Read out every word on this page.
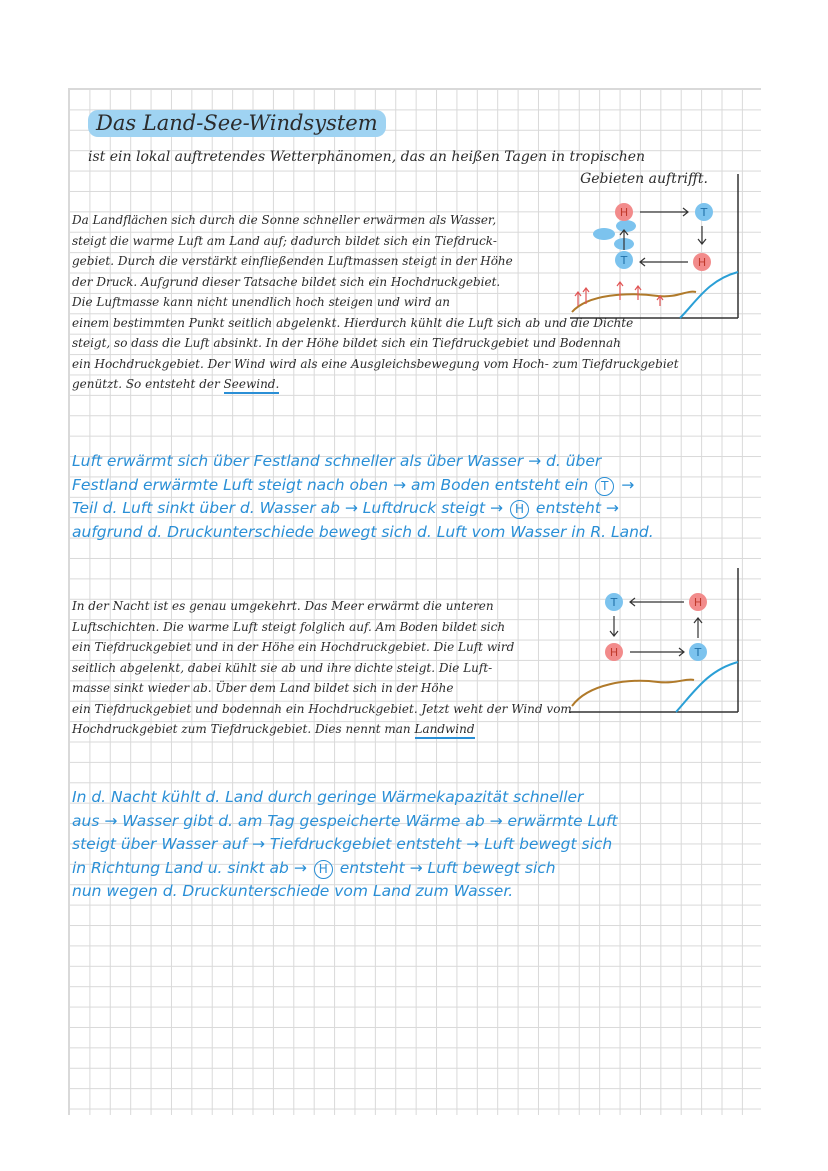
Das Land-See-Windsystem
ist ein lokal auftretendes Wetterphänomen, das an heißen Tagen in tropischen
Gebieten auftrifft.
Da Landflächen sich durch die Sonne schneller erwärmen als Wasser,
steigt die warme Luft am Land auf; dadurch bildet sich ein Tiefdruck-
gebiet. Durch die verstärkt einfließenden Luftmassen steigt in der Höhe
der Druck. Aufgrund dieser Tatsache bildet sich ein Hochdruckgebiet.
Die Luftmasse kann nicht unendlich hoch steigen und wird an
einem bestimmten Punkt seitlich abgelenkt. Hierdurch kühlt die Luft sich ab und die Dichte
steigt, so dass die Luft absinkt. In der Höhe bildet sich ein Tiefdruckgebiet und Bodennah
ein Hochdruckgebiet. Der Wind wird als eine Ausgleichsbewegung vom Hoch- zum Tiefdruckgebiet
genützt. So entsteht der Seewind.
H	T
T	H
Luft erwärmt sich über Festland schneller als über Wasser → d. über
Festland erwärmte Luft steigt nach oben → am Boden entsteht ein T →
Teil d. Luft sinkt über d. Wasser ab → Luftdruck steigt → H entsteht →
aufgrund d. Druckunterschiede bewegt sich d. Luft vom Wasser in R. Land.
T	H
H	T
In der Nacht ist es genau umgekehrt. Das Meer erwärmt die unteren
Luftschichten. Die warme Luft steigt folglich auf. Am Boden bildet sich
ein Tiefdruckgebiet und in der Höhe ein Hochdruckgebiet. Die Luft wird
seitlich abgelenkt, dabei kühlt sie ab und ihre dichte steigt. Die Luft-
masse sinkt wieder ab. Über dem Land bildet sich in der Höhe
ein Tiefdruckgebiet und bodennah ein Hochdruckgebiet. Jetzt weht der Wind vom
Hochdruckgebiet zum Tiefdruckgebiet. Dies nennt man Landwind
In d. Nacht kühlt d. Land durch geringe Wärmekapazität schneller
aus → Wasser gibt d. am Tag gespeicherte Wärme ab → erwärmte Luft
steigt über Wasser auf → Tiefdruckgebiet entsteht → Luft bewegt sich
in Richtung Land u. sinkt ab → H entsteht → Luft bewegt sich
nun wegen d. Druckunterschiede vom Land zum Wasser.
